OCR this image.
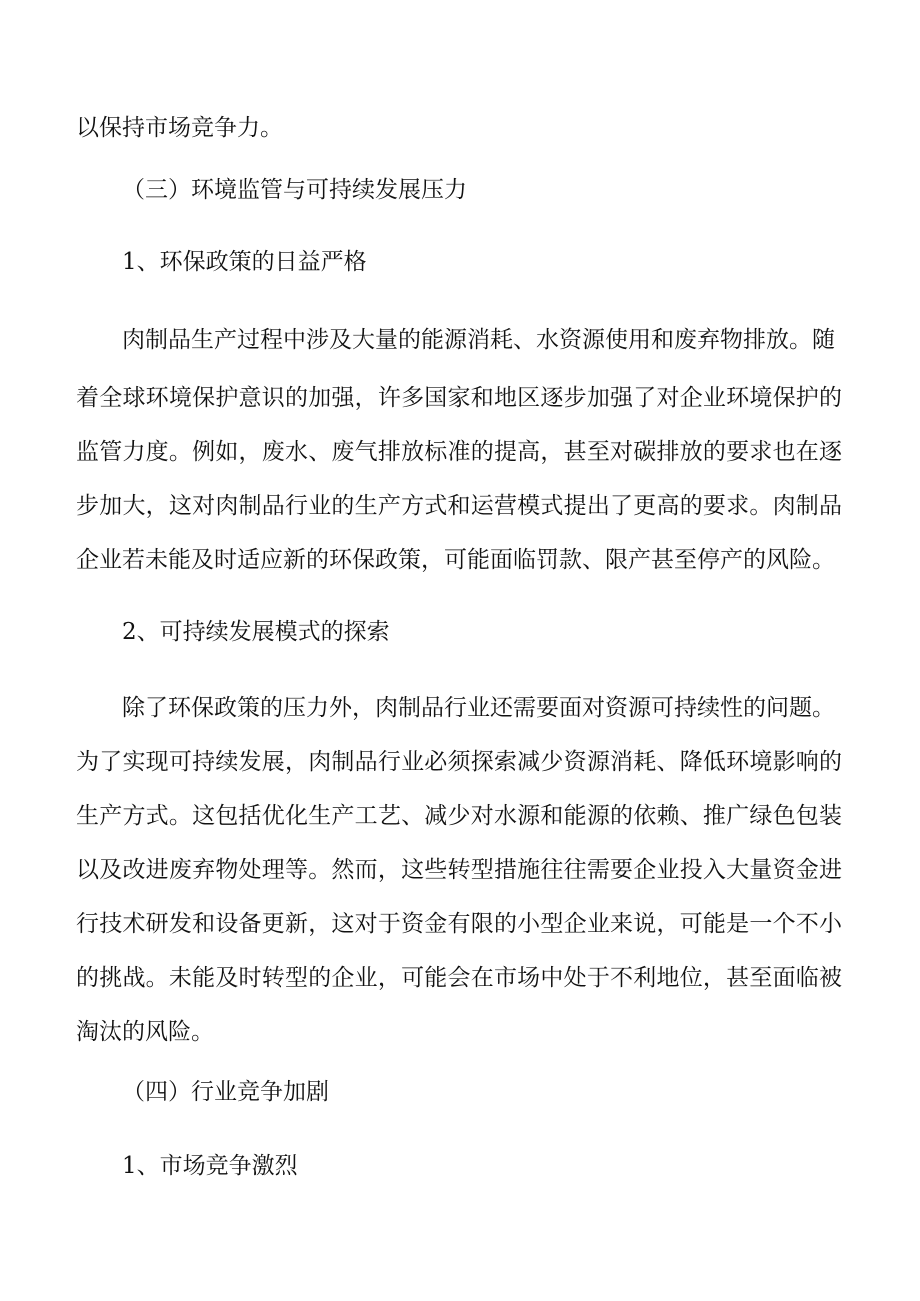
以保持市场竞争力。
（三）环境监管与可持续发展压力
1、环保政策的日益严格
肉制品生产过程中涉及大量的能源消耗、水资源使用和废弃物排放。随
着全球环境保护意识的加强，许多国家和地区逐步加强了对企业环境保护的
监管力度。例如，废水、废气排放标准的提高，甚至对碳排放的要求也在逐
步加大，这对肉制品行业的生产方式和运营模式提出了更高的要求。肉制品
企业若未能及时适应新的环保政策，可能面临罚款、限产甚至停产的风险。
2、可持续发展模式的探索
除了环保政策的压力外，肉制品行业还需要面对资源可持续性的问题。
为了实现可持续发展，肉制品行业必须探索减少资源消耗、降低环境影响的
生产方式。这包括优化生产工艺、减少对水源和能源的依赖、推广绿色包装
以及改进废弃物处理等。然而，这些转型措施往往需要企业投入大量资金进
行技术研发和设备更新，这对于资金有限的小型企业来说，可能是一个不小
的挑战。未能及时转型的企业，可能会在市场中处于不利地位，甚至面临被
淘汰的风险。
（四）行业竞争加剧
1、市场竞争激烈
